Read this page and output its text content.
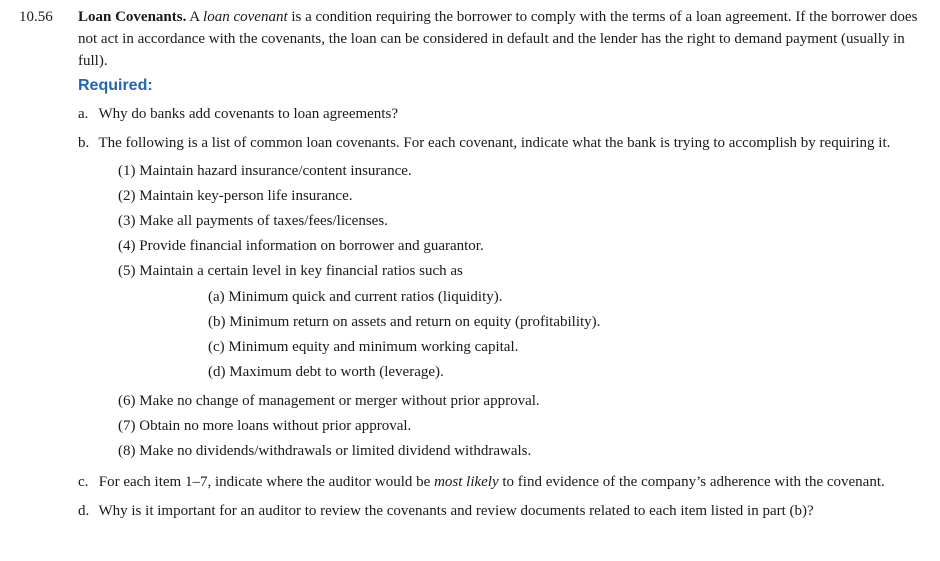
10.56 Loan Covenants. A loan covenant is a condition requiring the borrower to comply with the terms of a loan agreement. If the borrower does not act in accordance with the covenants, the loan can be considered in default and the lender has the right to demand payment (usually in full).

Required:
a. Why do banks add covenants to loan agreements?
b. The following is a list of common loan covenants. For each covenant, indicate what the bank is trying to accomplish by requiring it.
(1) Maintain hazard insurance/content insurance.
(2) Maintain key-person life insurance.
(3) Make all payments of taxes/fees/licenses.
(4) Provide financial information on borrower and guarantor.
(5) Maintain a certain level in key financial ratios such as
(a) Minimum quick and current ratios (liquidity).
(b) Minimum return on assets and return on equity (profitability).
(c) Minimum equity and minimum working capital.
(d) Maximum debt to worth (leverage).
(6) Make no change of management or merger without prior approval.
(7) Obtain no more loans without prior approval.
(8) Make no dividends/withdrawals or limited dividend withdrawals.
c. For each item 1–7, indicate where the auditor would be most likely to find evidence of the company’s adherence with the covenant.
d. Why is it important for an auditor to review the covenants and review documents related to each item listed in part (b)?
